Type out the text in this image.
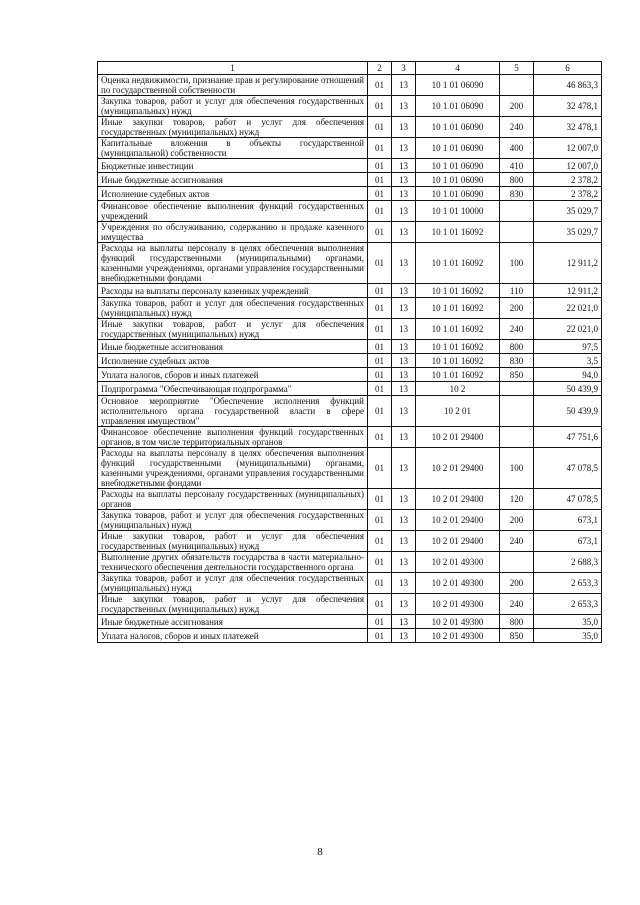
1	2	3	4	5	6
Оценка недвижимости, признание прав и регулирование отношений по государственной собственности	01	13	10 1 01 06090		46 863,3
Закупка товаров, работ и услуг для обеспечения государственных (муниципальных) нужд	01	13	10 1 01 06090	200	32 478,1
Иные закупки товаров, работ и услуг для обеспечения государственных (муниципальных) нужд	01	13	10 1 01 06090	240	32 478,1
Капитальные вложения в объекты государственной (муниципальной) собственности	01	13	10 1 01 06090	400	12 007,0
Бюджетные инвестиции	01	13	10 1 01 06090	410	12 007,0
Иные бюджетные ассигнования	01	13	10 1 01 06090	800	2 378,2
Исполнение судебных актов	01	13	10 1 01 06090	830	2 378,2
Финансовое обеспечение выполнения функций государственных учреждений	01	13	10 1 01 10000		35 029,7
Учреждения по обслуживанию, содержанию и продаже казенного имущества	01	13	10 1 01 16092		35 029,7
Расходы на выплаты персоналу в целях обеспечения выполнения функций государственными (муниципальными) органами, казенными учреждениями, органами управления государственными внебюджетными фондами	01	13	10 1 01 16092	100	12 911,2
Расходы на выплаты персоналу казенных учреждений	01	13	10 1 01 16092	110	12 911,2
Закупка товаров, работ и услуг для обеспечения государственных (муниципальных) нужд	01	13	10 1 01 16092	200	22 021,0
Иные закупки товаров, работ и услуг для обеспечения государственных (муниципальных) нужд	01	13	10 1 01 16092	240	22 021,0
Иные бюджетные ассигнования	01	13	10 1 01 16092	800	97,5
Исполнение судебных актов	01	13	10 1 01 16092	830	3,5
Уплата налогов, сборов и иных платежей	01	13	10 1 01 16092	850	94,0
Подпрограмма "Обеспечивающая подпрограмма"	01	13	10 2		50 439,9
Основное мероприятие "Обеспечение исполнения функций исполнительного органа государственной власти в сфере управления имуществом"	01	13	10 2 01		50 439,9
Финансовое обеспечение выполнения функций государственных органов, в том числе территориальных органов	01	13	10 2 01 29400		47 751,6
Расходы на выплаты персоналу в целях обеспечения выполнения функций государственными (муниципальными) органами, казенными учреждениями, органами управления государственными внебюджетными фондами	01	13	10 2 01 29400	100	47 078,5
Расходы на выплаты персоналу государственных (муниципальных) органов	01	13	10 2 01 29400	120	47 078,5
Закупка товаров, работ и услуг для обеспечения государственных (муниципальных) нужд	01	13	10 2 01 29400	200	673,1
Иные закупки товаров, работ и услуг для обеспечения государственных (муниципальных) нужд	01	13	10 2 01 29400	240	673,1
Выполнение других обязательств государства в части материально-технического обеспечения деятельности государственного органа	01	13	10 2 01 49300		2 688,3
Закупка товаров, работ и услуг для обеспечения государственных (муниципальных) нужд	01	13	10 2 01 49300	200	2 653,3
Иные закупки товаров, работ и услуг для обеспечения государственных (муниципальных) нужд	01	13	10 2 01 49300	240	2 653,3
Иные бюджетные ассигнования	01	13	10 2 01 49300	800	35,0
Уплата налогов, сборов и иных платежей	01	13	10 2 01 49300	850	35,0
8
